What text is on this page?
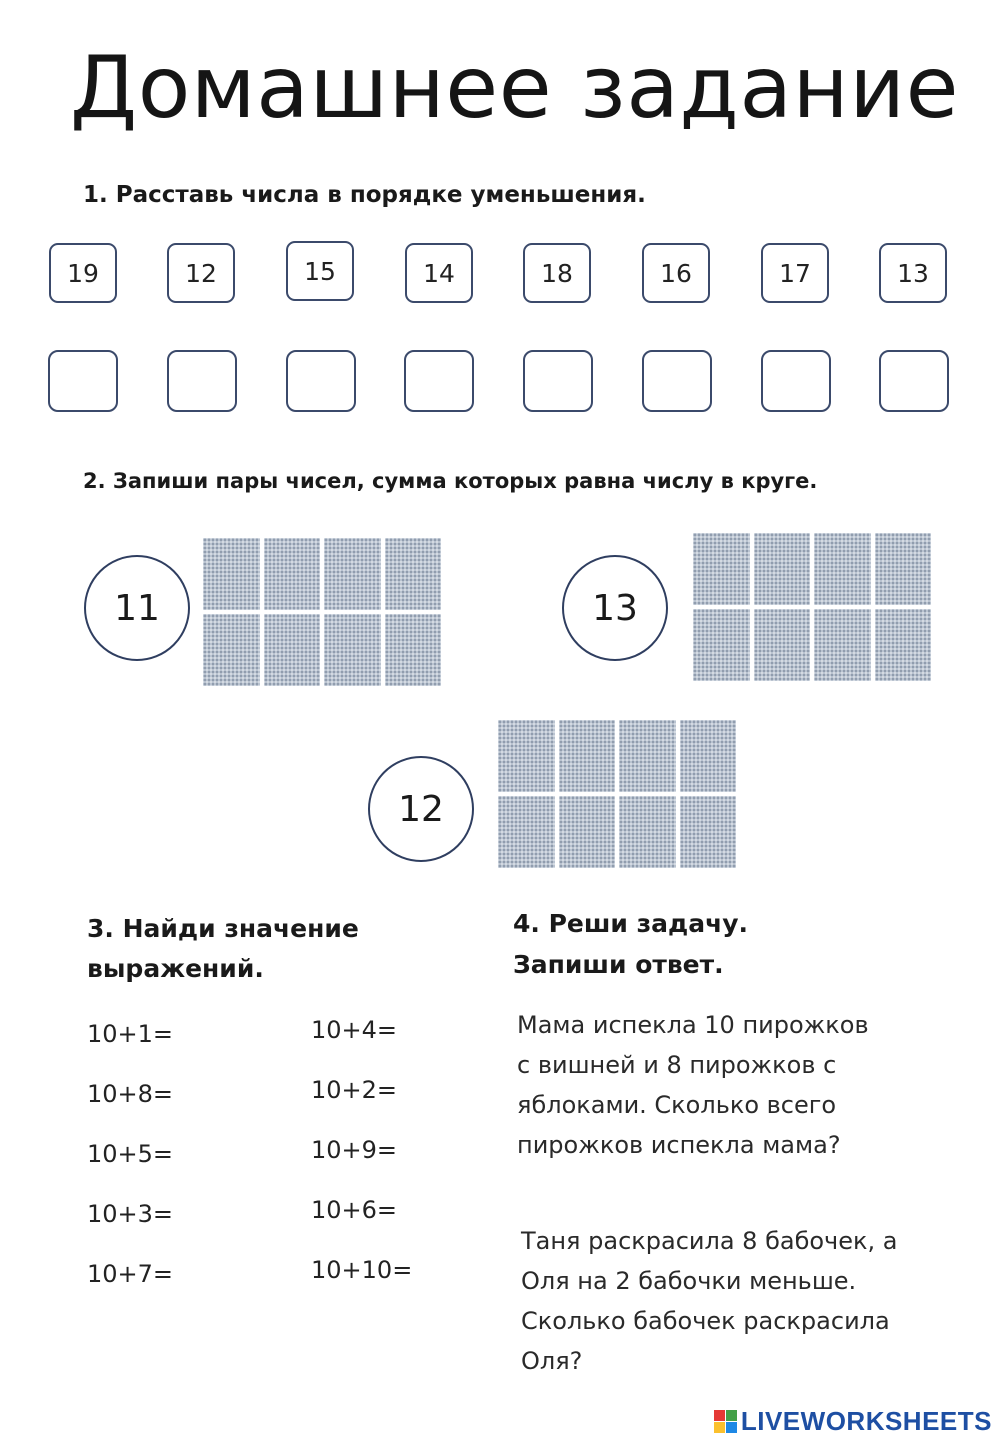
Домашнее задание
1. Расставь числа в порядке уменьшения.
19	12	15	14	18	16	17	13
2. Запиши пары чисел, сумма которых равна числу в круге.
11	13
12
3. Найди значение
выражений.
10+1=
10+8=
10+5=
10+3=
10+7=
10+4=
10+2=
10+9=
10+6=
10+10=
4. Реши задачу.
Запиши ответ.
Мама испекла 10 пирожков
с вишней и 8 пирожков с
яблоками. Сколько всего
пирожков испекла мама?
Таня раскрасила 8 бабочек, а
Оля на 2 бабочки меньше.
Сколько бабочек раскрасила
Оля?
LIVEWORKSHEETS
